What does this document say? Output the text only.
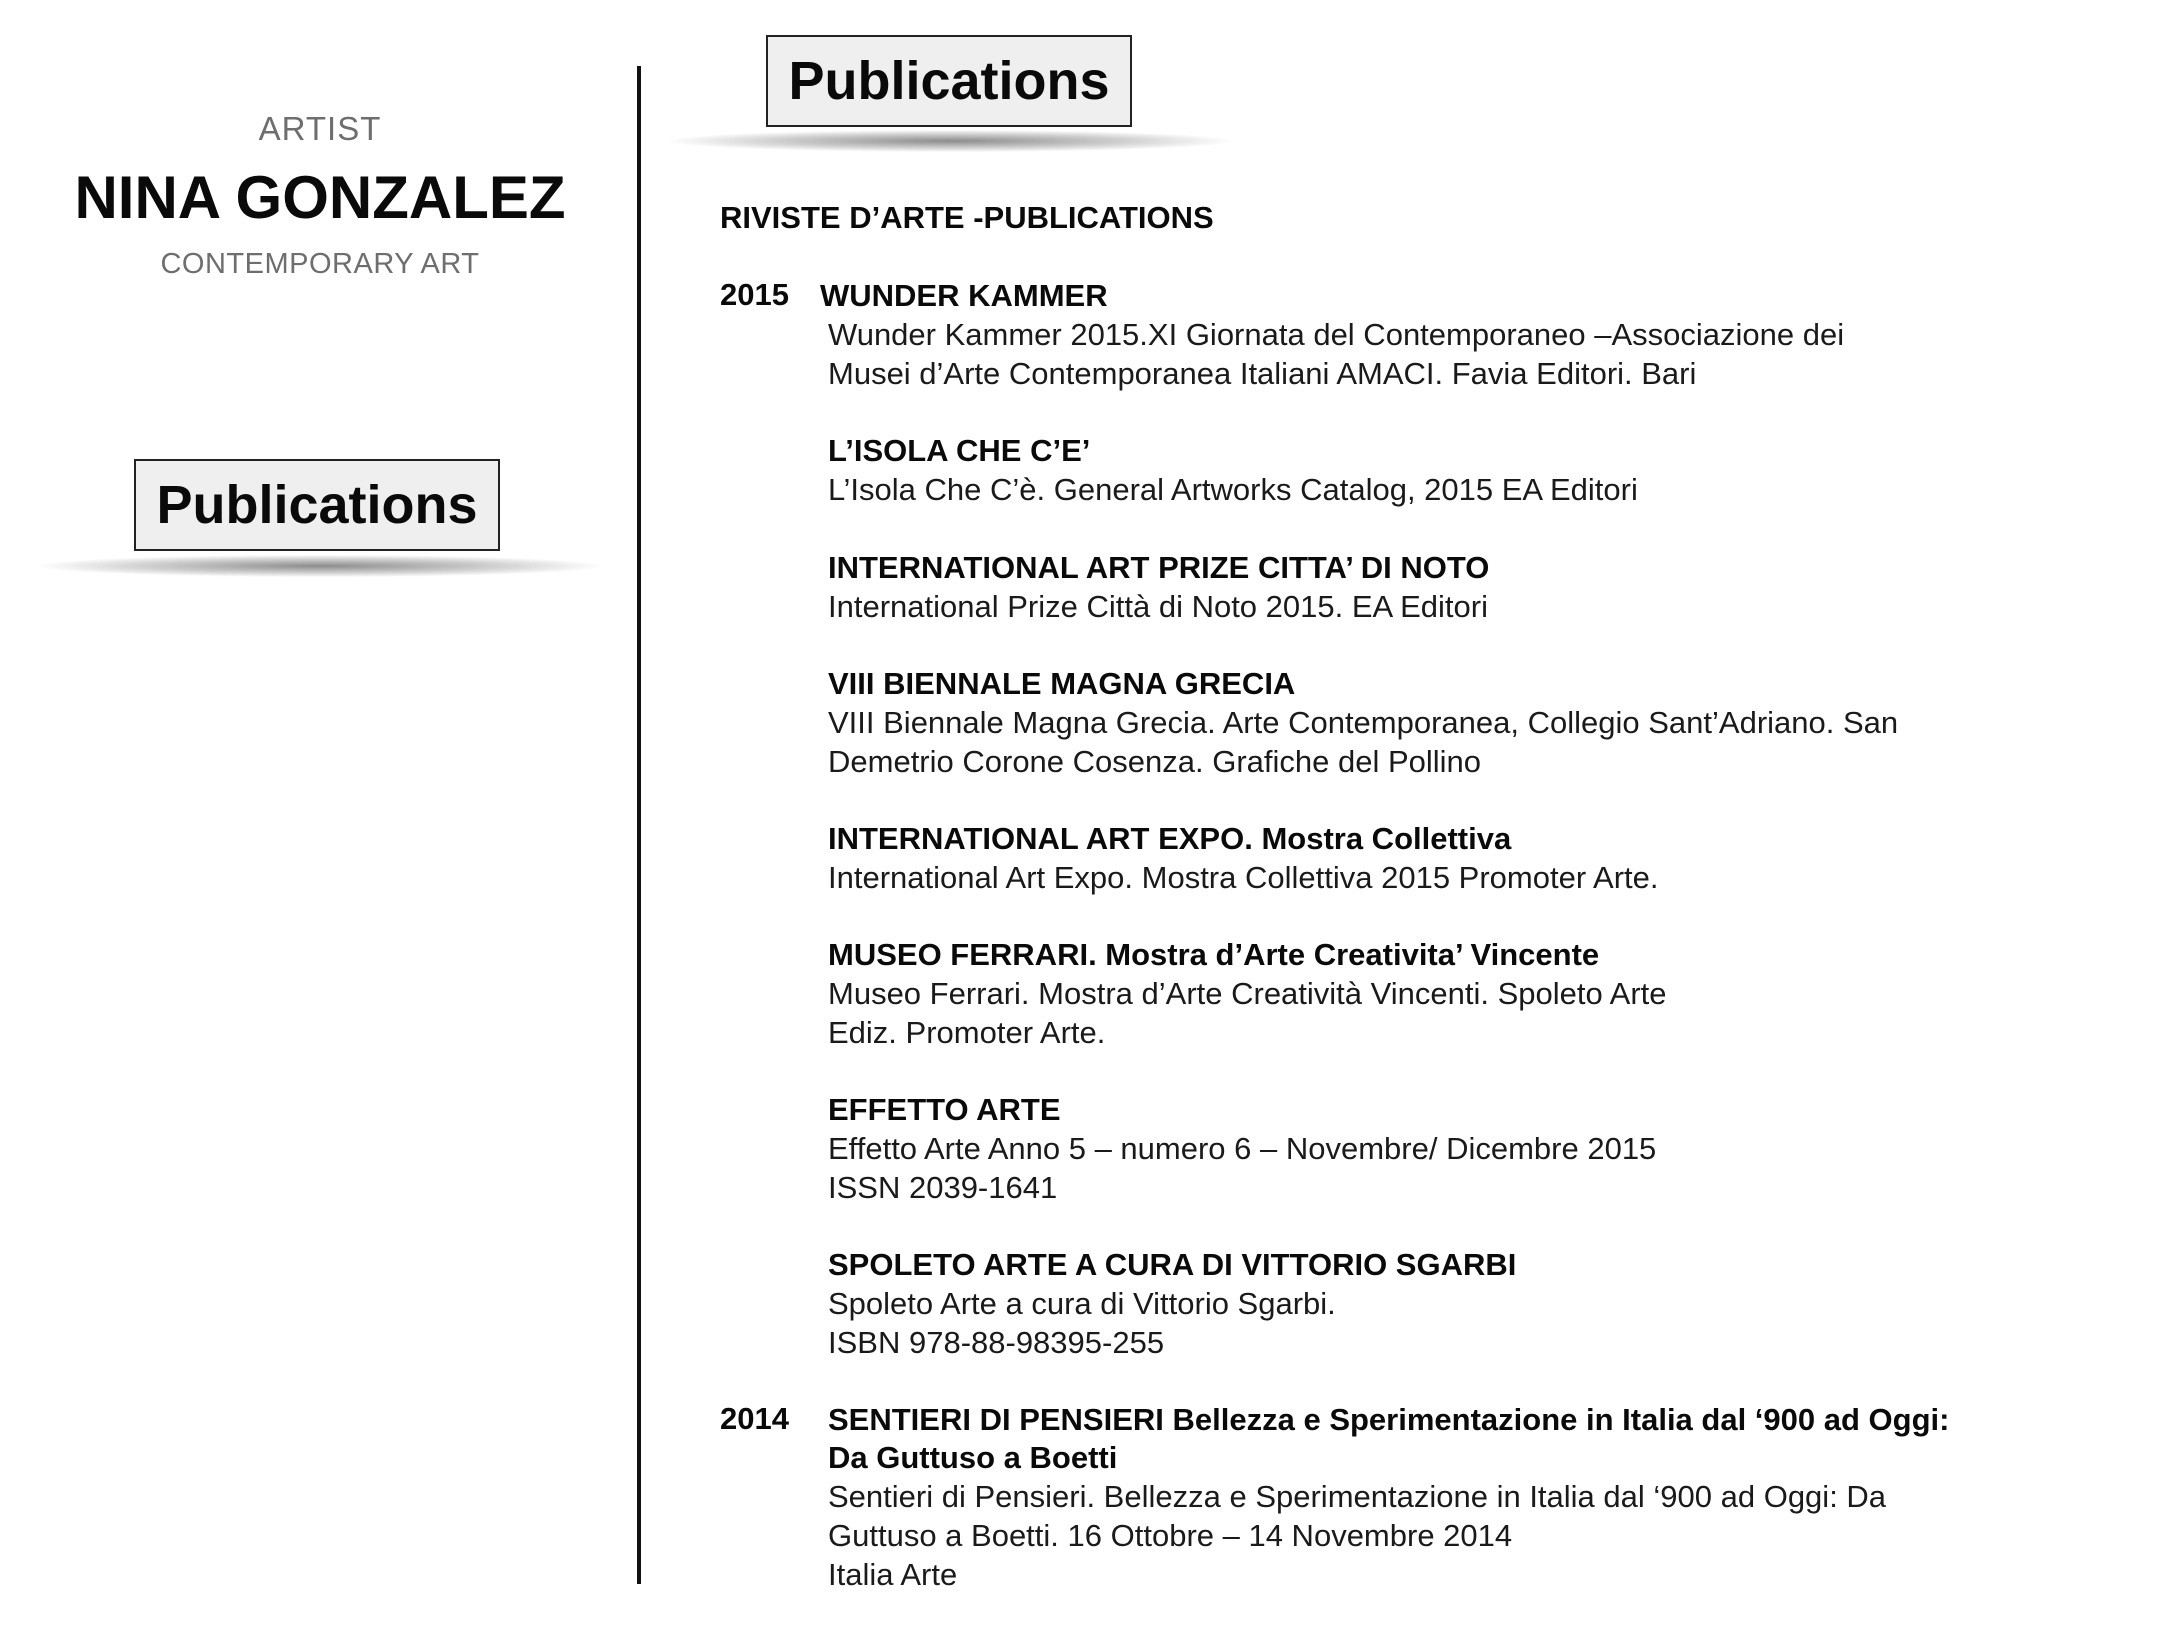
ARTIST
NINA GONZALEZ
CONTEMPORARY ART
Publications
Publications
RIVISTE D’ARTE -PUBLICATIONS
2015 WUNDER KAMMER
Wunder Kammer 2015.XI Giornata del Contemporaneo –Associazione dei
Musei d’Arte Contemporanea Italiani AMACI. Favia Editori. Bari
L’ISOLA CHE C’E’
L’Isola Che C’è. General Artworks Catalog, 2015 EA Editori
INTERNATIONAL ART PRIZE CITTA’ DI NOTO
International Prize Città di Noto 2015. EA Editori
VIII BIENNALE MAGNA GRECIA
VIII Biennale Magna Grecia. Arte Contemporanea, Collegio Sant’Adriano. San
Demetrio Corone Cosenza. Grafiche del Pollino
INTERNATIONAL ART EXPO. Mostra Collettiva
International Art Expo. Mostra Collettiva 2015 Promoter Arte.
MUSEO FERRARI. Mostra d’Arte Creativita’ Vincente
Museo Ferrari. Mostra d’Arte Creatività Vincenti. Spoleto Arte
Ediz. Promoter Arte.
EFFETTO ARTE
Effetto Arte Anno 5 – numero 6 – Novembre/ Dicembre 2015
ISSN 2039-1641
SPOLETO ARTE A CURA DI VITTORIO SGARBI
Spoleto Arte a cura di Vittorio Sgarbi.
ISBN 978-88-98395-255
2014 SENTIERI DI PENSIERI Bellezza e Sperimentazione in Italia dal ‘900 ad Oggi:
Da Guttuso a Boetti
Sentieri di Pensieri. Bellezza e Sperimentazione in Italia dal ‘900 ad Oggi: Da
Guttuso a Boetti. 16 Ottobre – 14 Novembre 2014
Italia Arte
